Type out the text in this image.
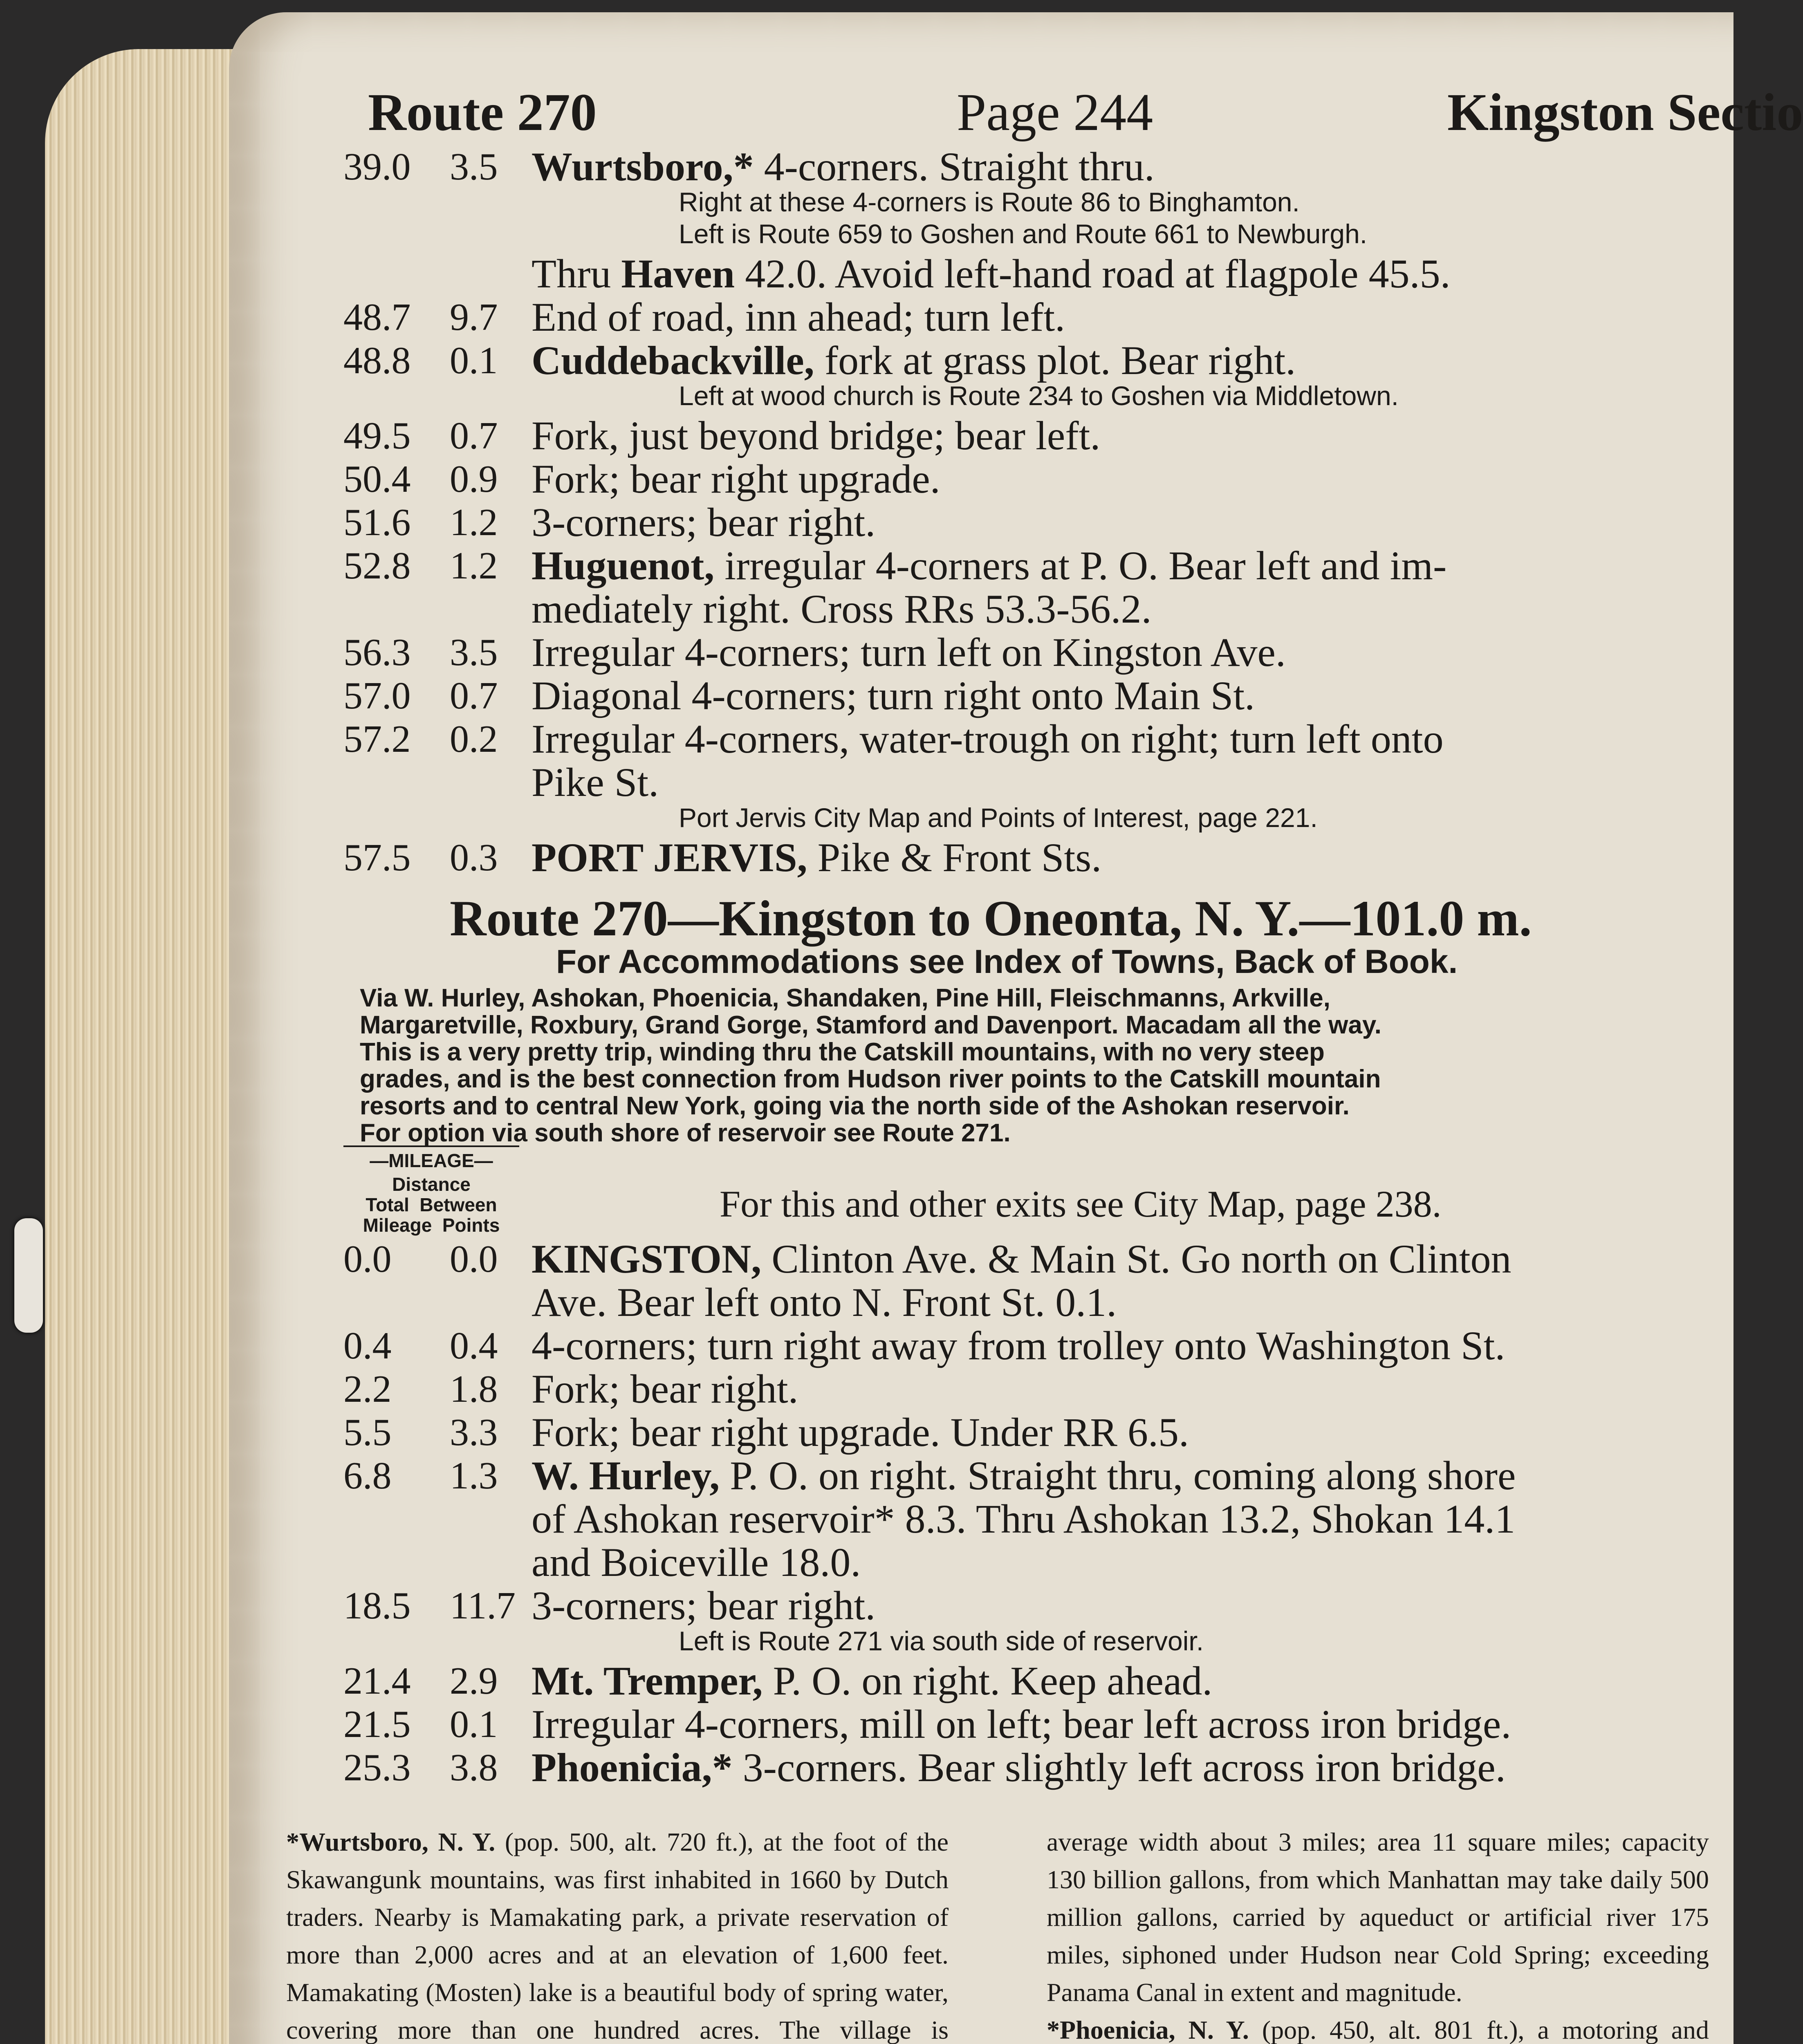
Route 270	Page 244	Kingston Sectio
39.0	3.5 Wurtsboro,* 4-corners. Straight thru.
Right at these 4-corners is Route 86 to Binghamton.
Left is Route 659 to Goshen and Route 661 to Newburgh.
Thru Haven 42.0. Avoid left-hand road at flagpole 45.5.
48.7	9.7 End of road, inn ahead; turn left.
48.8	0.1 Cuddebackville, fork at grass plot. Bear right.
Left at wood church is Route 234 to Goshen via Middletown.
49.5	0.7 Fork, just beyond bridge; bear left.
50.4	0.9 Fork; bear right upgrade.
51.6	1.2 3-corners; bear right.
52.8	1.2 Huguenot, irregular 4-corners at P. O. Bear left and im-
mediately right. Cross RRs 53.3-56.2.
56.3	3.5 Irregular 4-corners; turn left on Kingston Ave.
57.0	0.7 Diagonal 4-corners; turn right onto Main St.
57.2	0.2 Irregular 4-corners, water-trough on right; turn left onto
Pike St.
Port Jervis City Map and Points of Interest, page 221.
57.5	0.3 PORT JERVIS, Pike & Front Sts.
Route 270—Kingston to Oneonta, N. Y.—101.0 m.
For Accommodations see Index of Towns, Back of Book.
Via W. Hurley, Ashokan, Phoenicia, Shandaken, Pine Hill, Fleischmanns, Arkville,
Margaretville, Roxbury, Grand Gorge, Stamford and Davenport. Macadam all the way.
This is a very pretty trip, winding thru the Catskill mountains, with no very steep
grades, and is the best connection from Hudson river points to the Catskill mountain
resorts and to central New York, going via the north side of the Ashokan reservoir.
For option via south shore of reservoir see Route 271.
—MILEAGE—
Distance
Total  Between
Mileage  Points
For this and other exits see City Map, page 238.
0.0	0.0 KINGSTON, Clinton Ave. & Main St. Go north on Clinton
Ave. Bear left onto N. Front St. 0.1.
0.4	0.4 4-corners; turn right away from trolley onto Washington St.
2.2	1.8 Fork; bear right.
5.5	3.3 Fork; bear right upgrade. Under RR 6.5.
6.8	1.3 W. Hurley, P. O. on right. Straight thru, coming along shore
of Ashokan reservoir* 8.3. Thru Ashokan 13.2, Shokan 14.1
and Boiceville 18.0.
18.5	11.7 3-corners; bear right.
Left is Route 271 via south side of reservoir.
21.4	2.9 Mt. Tremper, P. O. on right. Keep ahead.
21.5	0.1 Irregular 4-corners, mill on left; bear left across iron bridge.
25.3	3.8 Phoenicia,* 3-corners. Bear slightly left across iron bridge.

*Wurtsboro, N. Y. (pop. 500, alt. 720 ft.), at the foot of the Skawangunk mountains, was first inhabited in 1660 by Dutch traders. Nearby is Mamakating park, a private reservation of more than 2,000 acres and at an elevation of 1,600 feet. Mamakating (Mosten) lake is a beautiful body of spring water, covering more than one hundred acres. The village is

average width about 3 miles; area 11 square miles; capacity 130 billion gallons, from which Manhattan may take daily 500 million gallons, carried by aqueduct or artificial river 175 miles, siphoned under Hudson near Cold Spring; exceeding Panama Canal in extent and magnitude.

*Phoenicia, N. Y. (pop. 450, alt. 801 ft.), a motoring and
